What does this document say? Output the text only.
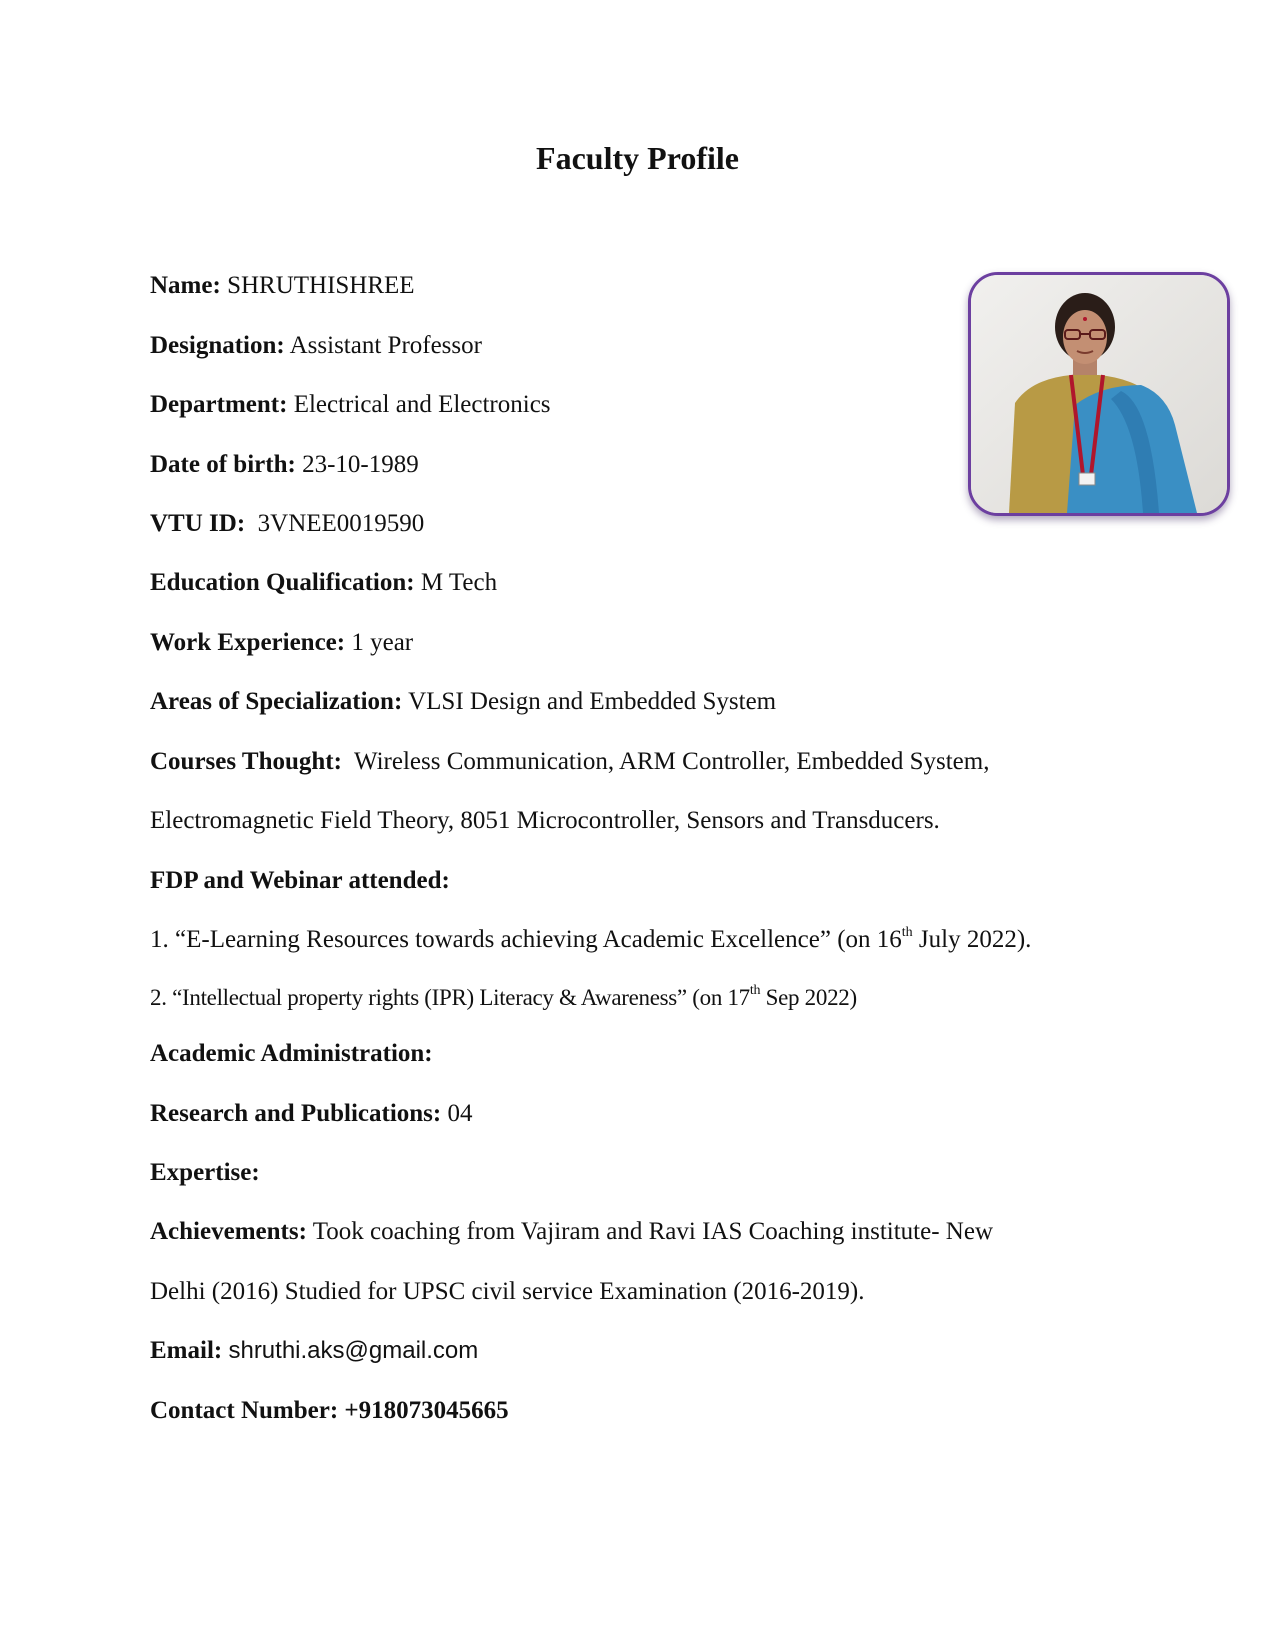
Faculty Profile
Name: SHRUTHISHREE
Designation: Assistant Professor
Department: Electrical and Electronics
Date of birth: 23-10-1989
VTU ID: 3VNEE0019590
Education Qualification: M Tech
Work Experience: 1 year
Areas of Specialization: VLSI Design and Embedded System
Courses Thought: Wireless Communication, ARM Controller, Embedded System,
Electromagnetic Field Theory, 8051 Microcontroller, Sensors and Transducers.
FDP and Webinar attended:
1. “E-Learning Resources towards achieving Academic Excellence” (on 16th July 2022).
2. “Intellectual property rights (IPR) Literacy & Awareness” (on 17th Sep 2022)
Academic Administration:
Research and Publications: 04
Expertise:
Achievements: Took coaching from Vajiram and Ravi IAS Coaching institute- New
Delhi (2016) Studied for UPSC civil service Examination (2016-2019).
Email: shruthi.aks@gmail.com
Contact Number: +918073045665
